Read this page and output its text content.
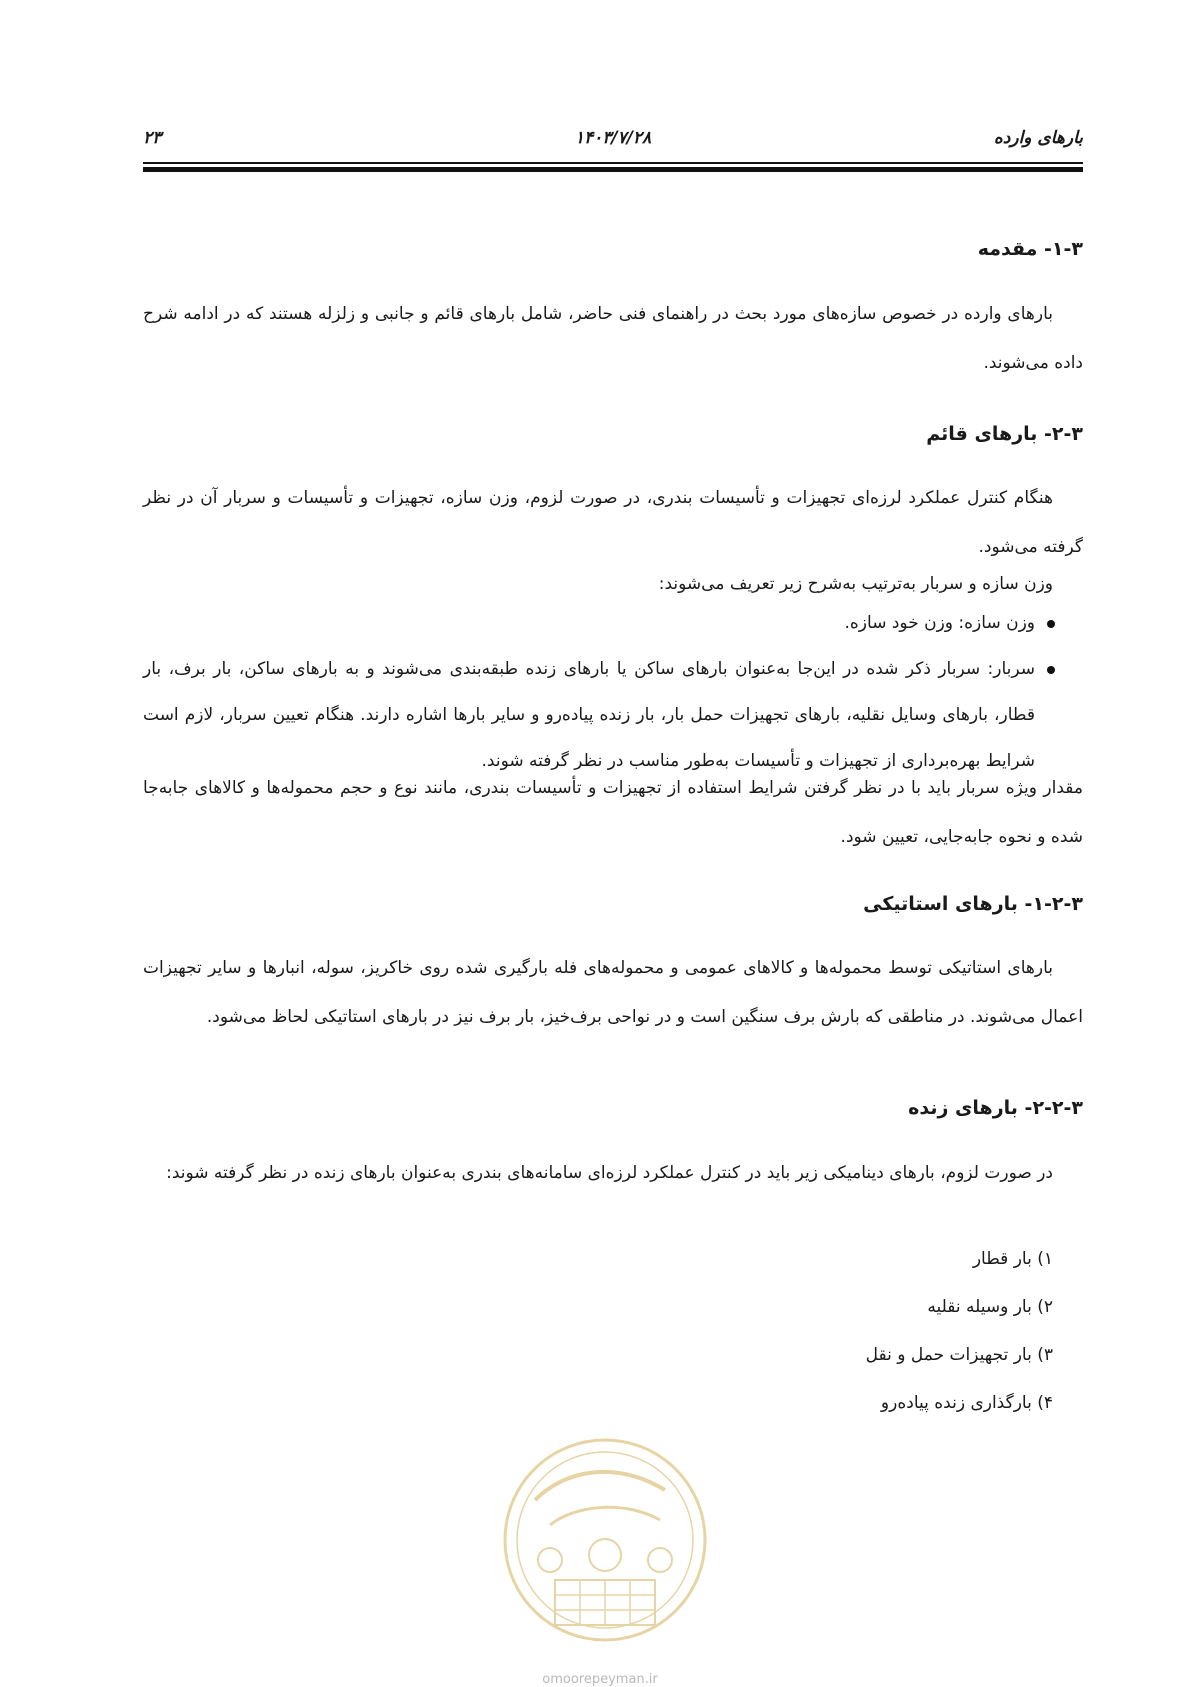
۲۳	۱۴۰۳/۷/۲۸	بارهای وارده
۱-۳- مقدمه
بارهای وارده در خصوص سازه‌های مورد بحث در راهنمای فنی حاضر، شامل بارهای قائم و جانبی و زلزله هستند که در ادامه شرح داده می‌شوند.
۲-۳- بارهای قائم
هنگام کنترل عملکرد لرزه‌ای تجهیزات و تأسیسات بندری، در صورت لزوم، وزن سازه، تجهیزات و تأسیسات و سربار آن در نظر گرفته می‌شود.
وزن سازه و سربار به‌ترتیب به‌شرح زیر تعریف می‌شوند:
وزن سازه: وزن خود سازه.
سربار: سربار ذکر شده در این‌جا به‌عنوان بارهای ساکن یا بارهای زنده طبقه‌بندی می‌شوند و به بارهای ساکن، بار برف، بار قطار، بارهای وسایل نقلیه، بارهای تجهیزات حمل بار، بار زنده پیاده‌رو و سایر بارها اشاره دارند. هنگام تعیین سربار، لازم است شرایط بهره‌برداری از تجهیزات و تأسیسات به‌طور مناسب در نظر گرفته شوند.
مقدار ویژه سربار باید با در نظر گرفتن شرایط استفاده از تجهیزات و تأسیسات بندری، مانند نوع و حجم محموله‌ها و کالاهای جابه‌جا شده و نحوه جابه‌جایی، تعیین شود.
۱-۲-۳- بارهای استاتیکی
بارهای استاتیکی توسط محموله‌ها و کالاهای عمومی و محموله‌های فله بارگیری شده روی خاکریز، سوله، انبارها و سایر تجهیزات اعمال می‌شوند. در مناطقی که بارش برف سنگین است و در نواحی برف‌خیز، بار برف نیز در بارهای استاتیکی لحاظ می‌شود.
۲-۲-۳- بارهای زنده
در صورت لزوم، بارهای دینامیکی زیر باید در کنترل عملکرد لرزه‌ای سامانه‌های بندری به‌عنوان بارهای زنده در نظر گرفته شوند:
۱) بار قطار
۲) بار وسیله نقلیه
۳) بار تجهیزات حمل و نقل
۴) بارگذاری زنده پیاده‌رو
omoorepeyman.ir
